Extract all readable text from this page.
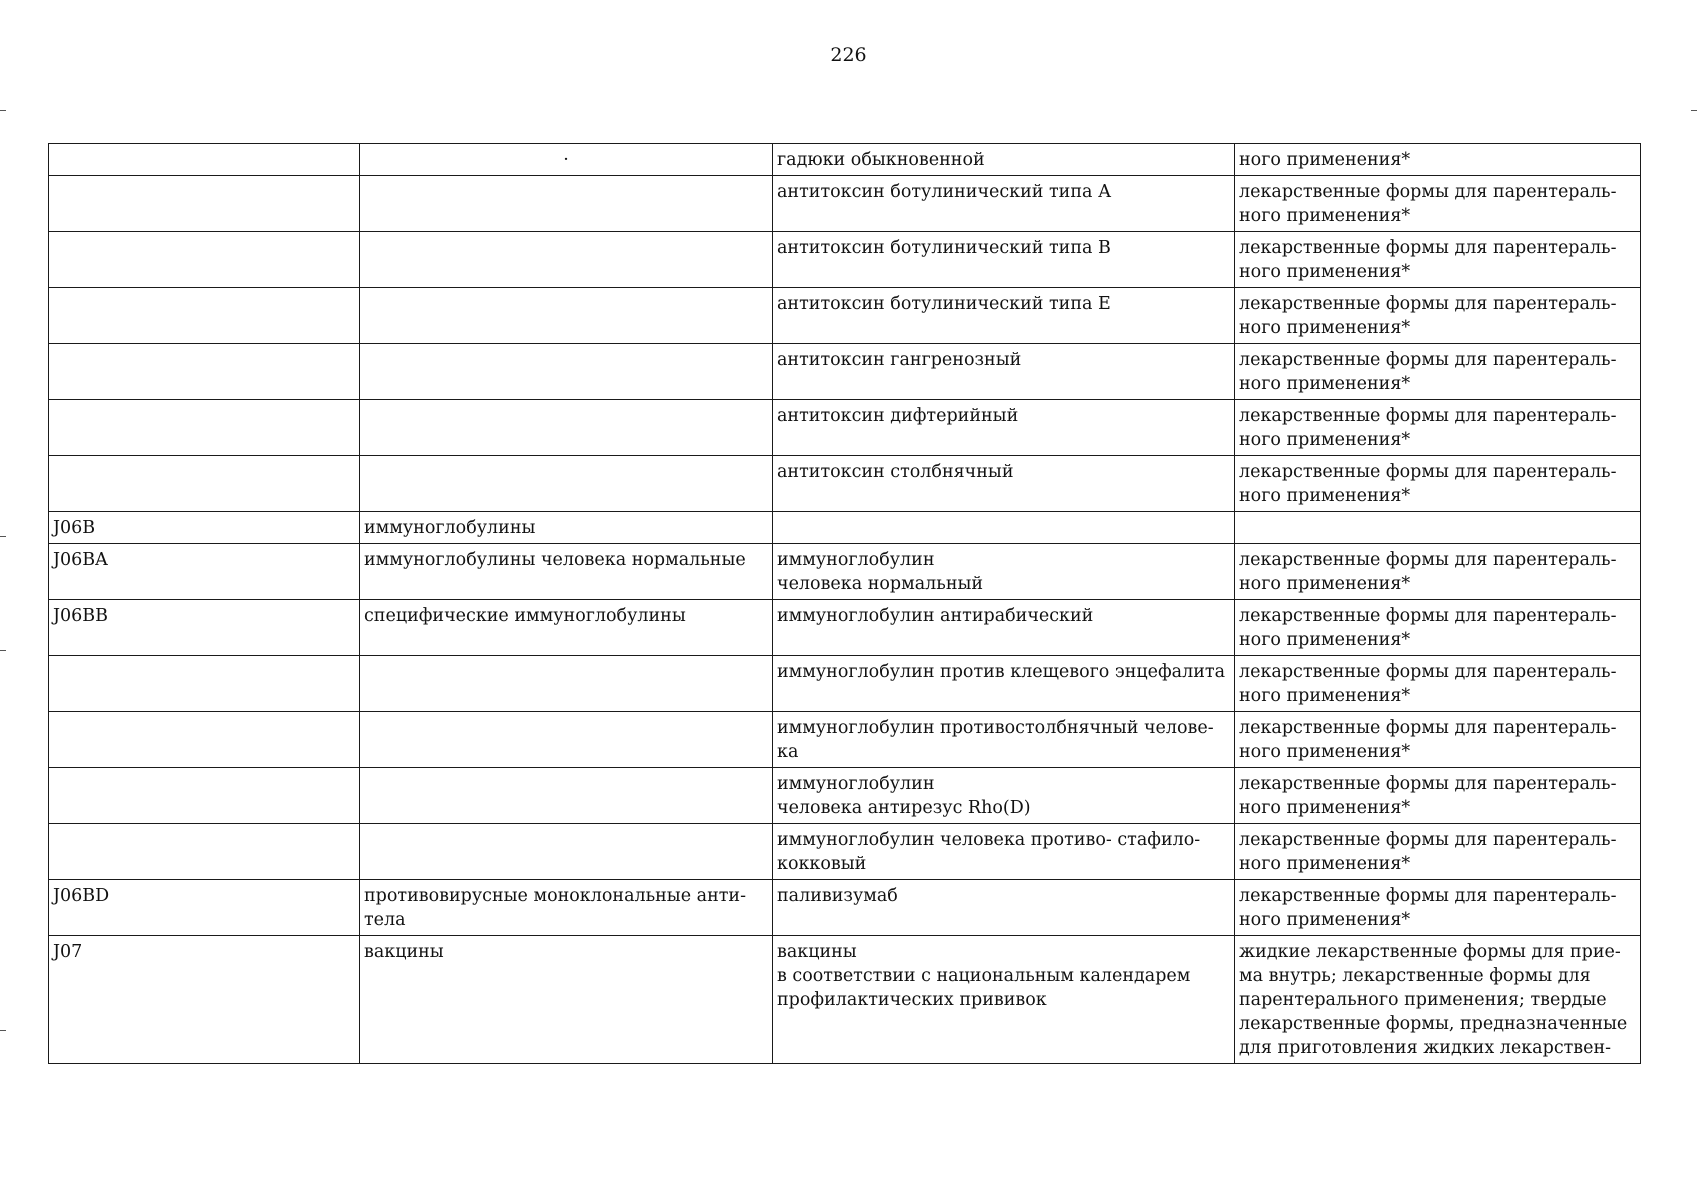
226
	·	гадюки обыкновенной	ного применения*
		антитоксин ботулинический типа А	лекарственные формы для парентераль-
ного применения*
		антитоксин ботулинический типа В	лекарственные формы для парентераль-
ного применения*
		антитоксин ботулинический типа Е	лекарственные формы для парентераль-
ного применения*
		антитоксин гангренозный	лекарственные формы для парентераль-
ного применения*
		антитоксин дифтерийный	лекарственные формы для парентераль-
ного применения*
		антитоксин столбнячный	лекарственные формы для парентераль-
ного применения*
J06B	иммуноглобулины		
J06BA	иммуноглобулины человека нормальные	иммуноглобулин
человека нормальный	лекарственные формы для парентераль-
ного применения*
J06BB	специфические иммуноглобулины	иммуноглобулин антирабический	лекарственные формы для парентераль-
ного применения*
		иммуноглобулин против клещевого энцефалита	лекарственные формы для парентераль-
ного применения*
		иммуноглобулин противостолбнячный челове-
ка	лекарственные формы для парентераль-
ного применения*
		иммуноглобулин
человека антирезус Rho(D)	лекарственные формы для парентераль-
ного применения*
		иммуноглобулин человека противо- стафило-
кокковый	лекарственные формы для парентераль-
ного применения*
J06BD	противовирусные моноклональные анти-
тела	паливизумаб	лекарственные формы для парентераль-
ного применения*
J07	вакцины	вакцины
в соответствии с национальным календарем
профилактических прививок	жидкие лекарственные формы для прие-
ма внутрь; лекарственные формы для
парентерального применения; твердые
лекарственные формы, предназначенные
для приготовления жидких лекарствен-
